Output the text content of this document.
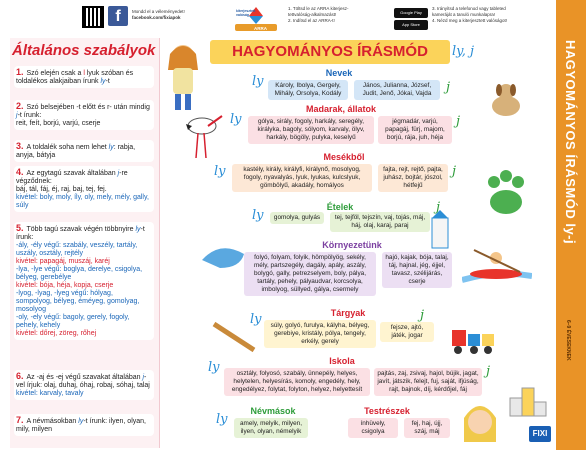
f	Mondd el a véleményedet!
facebook.com/fixiapok
kiterjesztett
valóság
ARRA
1. Töltsd le az ARRA kiterjesz-
tettvalóság-alkalmazást!
2. Indítsd el az ARRA-t!
Google Play
App Store
3. Irányítsd a telefonod vagy tableted
kameráját a tanuló munkalapra!
4. Nézd meg a kiterjesztett valóságot!
Általános szabályok
1. Szó elején csak a l lyuk szóban és toldalékos alakjaiban írunk ly-t
2. Szó belsejében -t előtt és r- után mindig j-t írunk:
reit, feít, borjú, varjú, cserje
3. A toldalék soha nem lehet ly: rabja, anyja, bátyja
4. Az egytagú szavak általában j-re végződnek:
báj, tál, fáj, éj, raj, baj, tej, fej.
kivétel: boly, moly, íly, oly, mely, mély, gally, súly
5. Több tagú szavak végén többnyire ly-t írunk:
-ály, -ély végű: szabály, veszély, tartály, uszály, osztály, rejtély
kivétel: papagáj, muszáj, karéj
-lya, -lye végű: boglya, derelye, csigolya, bélyeg, gerebélye
kivétel: bója, héja, kopja, cserje
-lyog, -lyag, -lyeg végű: hólyag, sompolyog, bélyeg, éméyeg, gomolyag, mosolyog
-oly, -ely végű: bagoly, gerely, fogoly, pehely, kehely
kivétel: dőrej, zöreg, rőhej
6. Az -aj és -ej végű szavakat általában j-vel írjuk: olaj, duhaj, óhaj, robaj, sóhaj, talaj
kivétel: karvaly, tavaly
7. A névmásokban ly-t írunk: ilyen, olyan, mily, milyen
HAGYOMÁNYOS ÍRÁSMÓD	ly, j
Nevek
Károly, Ibolya, Gergely, Mihály, Orsolya, Kodály
János, Julianna, József, Judit, Jenő, Jókai, Vajda
ly	j
Madarak, állatok
gólya, sirály, fogoly, harkály, seregély, királyka, bagoly, sólyom, karvaly, ölyv, harkály, bögöly, pulyka, keselyű
jégmadár, varjú, papagáj, fürj, majom, borjú, rája, juh, héja
ly	j
Mesékből
kastély, király, királyfi, királynő, mosolyog, fogoly, nyavalyás, lyuk, lyukas, kulcslyuk, gömbölyű, akadály, homályos
fajta, rejt, rejtő, pajta, juhász, bojtár, jószol, hétfejű
ly	j
Ételek
gomolya, gulyás	tej, tejföl, tejszín, vaj, tojás, máj, háj, olaj, karaj, paraj
ly
j
Környezetünk
folyó, folyam, folyik, hömpölyög, sekély, mély, partszegély, dagály, apály, aszály, bolygó, gally, petrezselyem, boly, pálya, tartály, pehely, pályaudvar, korcsolya, imbolyog, süllyed, gálya, csermely
hajó, kajak, bója, talaj, táj, hajnal, jég, éjjel, tavasz, szélijárás, cserje
Tárgyak
súly, golyó, furulya, kályha, bélyeg, gerebiye, kristály, pólya, tengely, erkély, gerely
fejsze, ajtó, játék, jogar
ly	j
Iskola
osztály, folyosó, szabály, ünnepély, helyes, helytelen, helyesírás, komoly, engedély, hely, engedélyez, folytat, folyton, helyez, helyettesít
pajtás, zaj, zsivaj, hajol, bújik, jagat, javít, játszik, felejt, fuj, saját, ifjúság, rajt, bajnok, díj, kérdőjel, fáj
ly	j
Névmások
amely, melyik, milyen, ilyen, olyan, némelyik
ly
Testrészek
ínhüvely, csigolya
fej, haj, újj, száj, máj
HAGYOMÁNYOS ÍRÁSMÓD ly-j
6–9 ÉVESEKNEK
FIXI
